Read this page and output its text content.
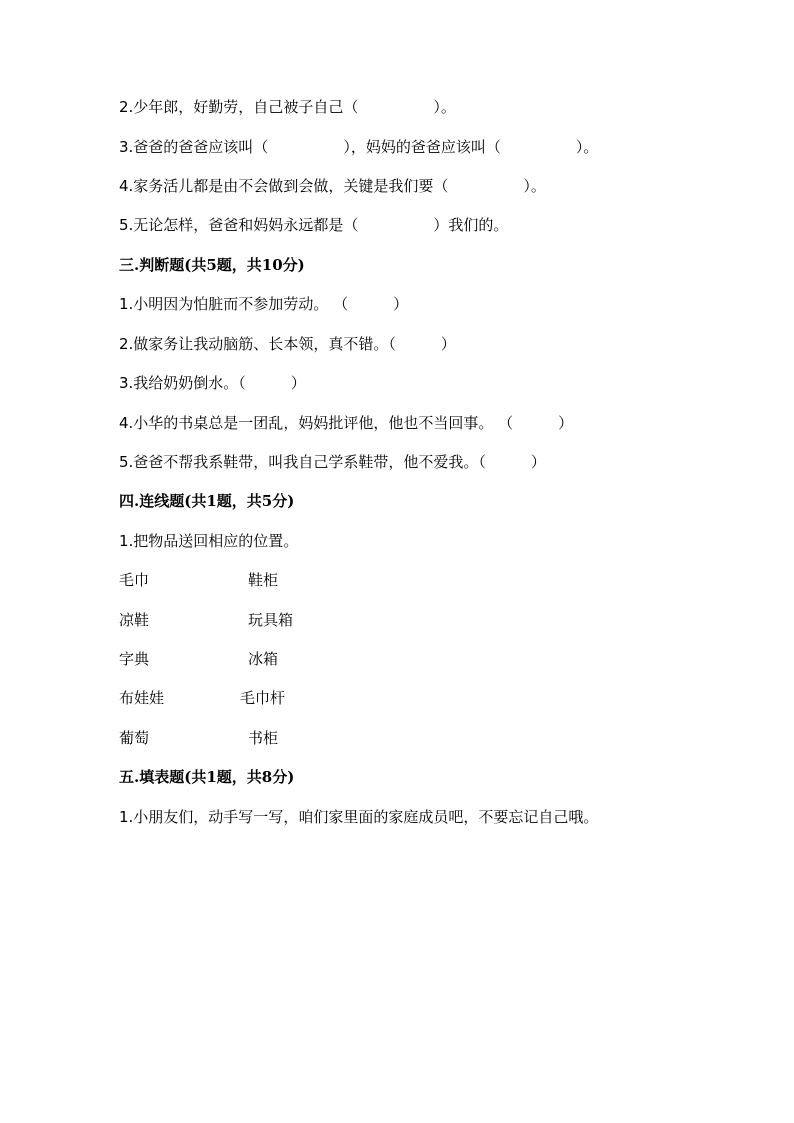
2.少年郎，好勤劳，自己被子自己（　　　　　）。
3.爸爸的爸爸应该叫（　　　　　），妈妈的爸爸应该叫（　　　　　）。
4.家务活儿都是由不会做到会做，关键是我们要（　　　　　）。
5.无论怎样，爸爸和妈妈永远都是（　　　　　）我们的。
三.判断题(共5题，共10分)
1.小明因为怕脏而不参加劳动。 （　　　）
2.做家务让我动脑筋、长本领，真不错。（　　　）
3.我给奶奶倒水。（　　　）
4.小华的书桌总是一团乱，妈妈批评他，他也不当回事。 （　　　）
5.爸爸不帮我系鞋带，叫我自己学系鞋带，他不爱我。（　　　）
四.连线题(共1题，共5分)
1.把物品送回相应的位置。
毛巾	鞋柜
凉鞋	玩具箱
字典	冰箱
布娃娃	毛巾杆
葡萄	书柜
五.填表题(共1题，共8分)
1.小朋友们，动手写一写，咱们家里面的家庭成员吧，不要忘记自己哦。
